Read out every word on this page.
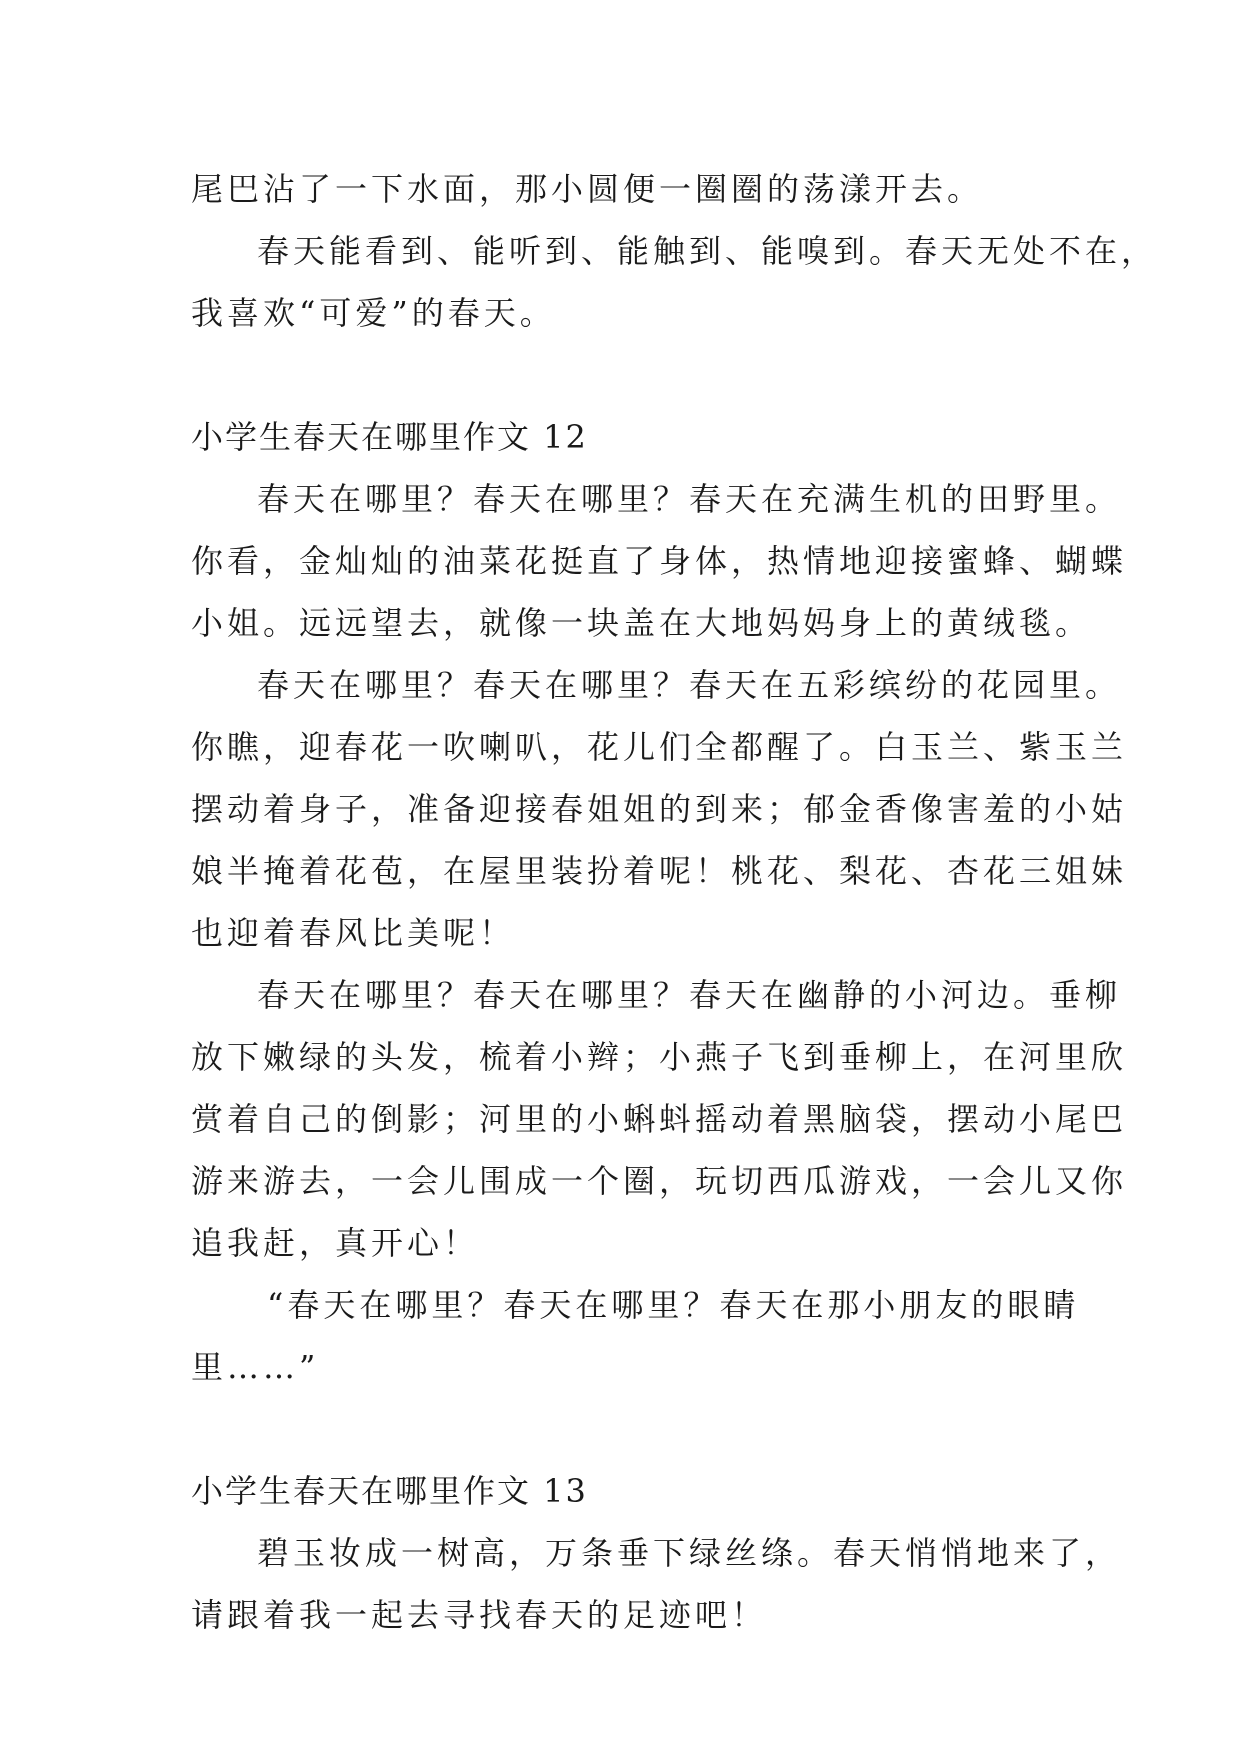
尾巴沾了一下水面，那小圆便一圈圈的荡漾开去。
春天能看到、能听到、能触到、能嗅到。春天无处不在，
我喜欢“可爱”的春天。
小学生春天在哪里作文 12
春天在哪里？春天在哪里？春天在充满生机的田野里。
你看，金灿灿的油菜花挺直了身体，热情地迎接蜜蜂、蝴蝶
小姐。远远望去，就像一块盖在大地妈妈身上的黄绒毯。
春天在哪里？春天在哪里？春天在五彩缤纷的花园里。
你瞧，迎春花一吹喇叭，花儿们全都醒了。白玉兰、紫玉兰
摆动着身子，准备迎接春姐姐的到来；郁金香像害羞的小姑
娘半掩着花苞，在屋里装扮着呢！桃花、梨花、杏花三姐妹
也迎着春风比美呢！
春天在哪里？春天在哪里？春天在幽静的小河边。垂柳
放下嫩绿的头发，梳着小辫；小燕子飞到垂柳上，在河里欣
赏着自己的倒影；河里的小蝌蚪摇动着黑脑袋，摆动小尾巴
游来游去，一会儿围成一个圈，玩切西瓜游戏，一会儿又你
追我赶，真开心！
“春天在哪里？春天在哪里？春天在那小朋友的眼睛
里……”
小学生春天在哪里作文 13
碧玉妆成一树高，万条垂下绿丝绦。春天悄悄地来了，
请跟着我一起去寻找春天的足迹吧！
